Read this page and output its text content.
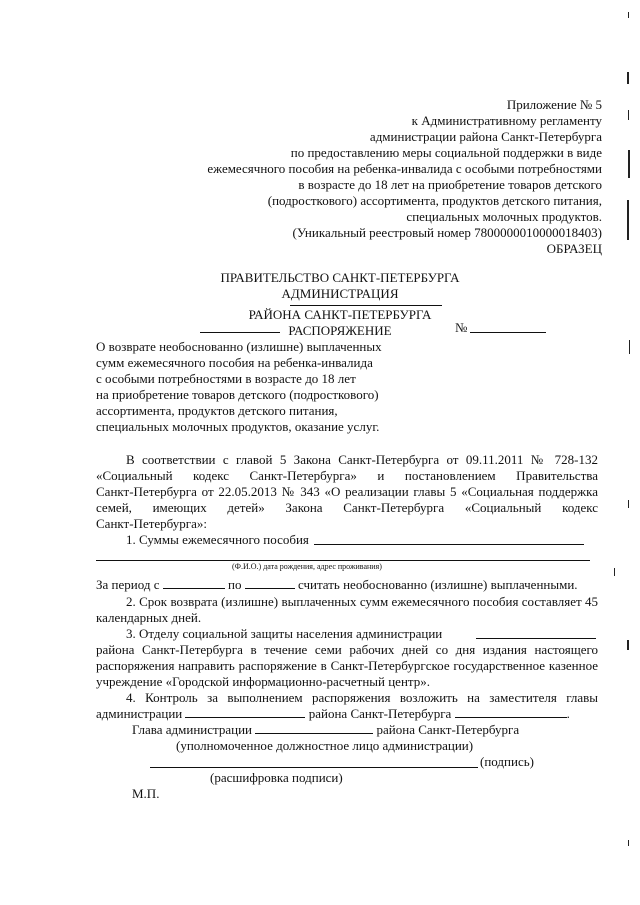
Приложение № 5
к Административному регламенту
администрации района Санкт-Петербурга
по предоставлению меры социальной поддержки в виде
ежемесячного пособия на ребенка-инвалида с особыми потребностями
в возрасте до 18 лет на приобретение товаров детского
(подросткового) ассортимента, продуктов детского питания,
специальных молочных продуктов.
(Уникальный реестровый номер 7800000010000018403)
ОБРАЗЕЦ
ПРАВИТЕЛЬСТВО САНКТ-ПЕТЕРБУРГА
АДМИНИСТРАЦИЯ
РАЙОНА САНКТ-ПЕТЕРБУРГА
РАСПОРЯЖЕНИЕ	№
О возврате необоснованно (излишне) выплаченных
сумм ежемесячного пособия на ребенка-инвалида
с особыми потребностями в возрасте до 18 лет
на приобретение товаров детского (подросткового)
ассортимента, продуктов детского питания,
специальных молочных продуктов, оказание услуг.
В соответствии с главой 5 Закона Санкт-Петербурга от 09.11.2011 № 728-132
«Социальный кодекс Санкт-Петербурга» и постановлением Правительства
Санкт-Петербурга от 22.05.2013 № 343 «О реализации главы 5 «Социальная поддержка
семей, имеющих детей» Закона Санкт-Петербурга «Социальный кодекс
Санкт-Петербурга»:
1. Суммы ежемесячного пособия
(Ф.И.О.) дата рождения, адрес проживания)
За период с	по	считать необоснованно (излишне) выплаченными.
2. Срок возврата (излишне) выплаченных сумм ежемесячного пособия составляет 45
календарных дней.
3. Отделу социальной защиты населения администрации
района Санкт-Петербурга в течение семи рабочих дней со дня издания настоящего
распоряжения направить распоряжение в Санкт-Петербургское государственное казенное
учреждение «Городской информационно-расчетный центр».
4. Контроль за выполнением распоряжения возложить на заместителя главы
администрации	района Санкт-Петербурга	.
Глава администрации	района Санкт-Петербурга
(уполномоченное должностное лицо администрации)
(подпись)
(расшифровка подписи)
М.П.
